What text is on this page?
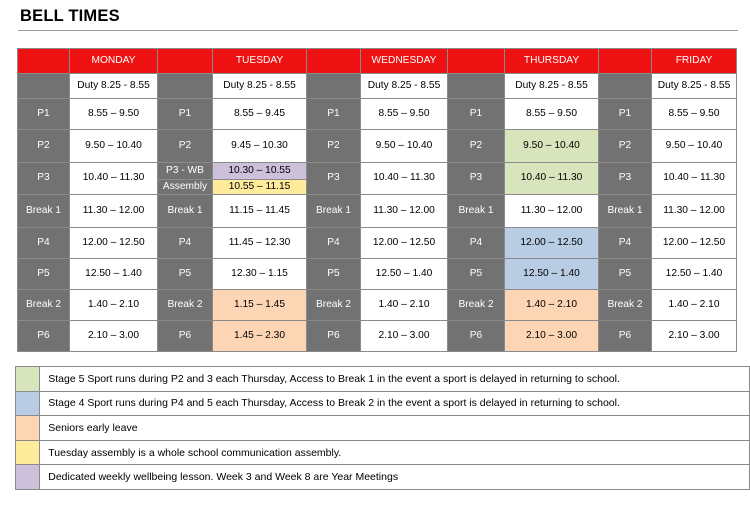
BELL TIMES
	MONDAY		TUESDAY		WEDNESDAY		THURSDAY		FRIDAY
	Duty 8.25 - 8.55		Duty 8.25 - 8.55		Duty 8.25 - 8.55		Duty 8.25 - 8.55		Duty 8.25 - 8.55
P1	8.55 – 9.50	P1	8.55 – 9.45	P1	8.55 – 9.50	P1	8.55 – 9.50	P1	8.55 – 9.50
P2	9.50 – 10.40	P2	9.45 – 10.30	P2	9.50 – 10.40	P2	9.50 – 10.40	P2	9.50 – 10.40
P3	10.40 – 11.30	P3 - WB	10.30 – 10.55	P3	10.40 – 11.30	P3	10.40 – 11.30	P3	10.40 – 11.30
		Assembly	10.55 – 11.15						
Break 1	11.30 – 12.00	Break 1	11.15 – 11.45	Break 1	11.30 – 12.00	Break 1	11.30 – 12.00	Break 1	11.30 – 12.00
P4	12.00 – 12.50	P4	11.45 – 12.30	P4	12.00 – 12.50	P4	12.00 – 12.50	P4	12.00 – 12.50
P5	12.50 – 1.40	P5	12.30 – 1.15	P5	12.50 – 1.40	P5	12.50 – 1.40	P5	12.50 – 1.40
Break 2	1.40 – 2.10	Break 2	1.15 – 1.45	Break 2	1.40 – 2.10	Break 2	1.40 – 2.10	Break 2	1.40 – 2.10
P6	2.10 – 3.00	P6	1.45 – 2.30	P6	2.10 – 3.00	P6	2.10 – 3.00	P6	2.10 – 3.00
	Stage 5 Sport runs during P2 and 3 each Thursday, Access to Break 1 in the event a sport is delayed in returning to school.
	Stage 4 Sport runs during P4 and 5 each Thursday, Access to Break 2 in the event a sport is delayed in returning to school.
	Seniors early leave
	Tuesday assembly is a whole school communication assembly.
	Dedicated weekly wellbeing lesson. Week 3 and Week 8 are Year Meetings
